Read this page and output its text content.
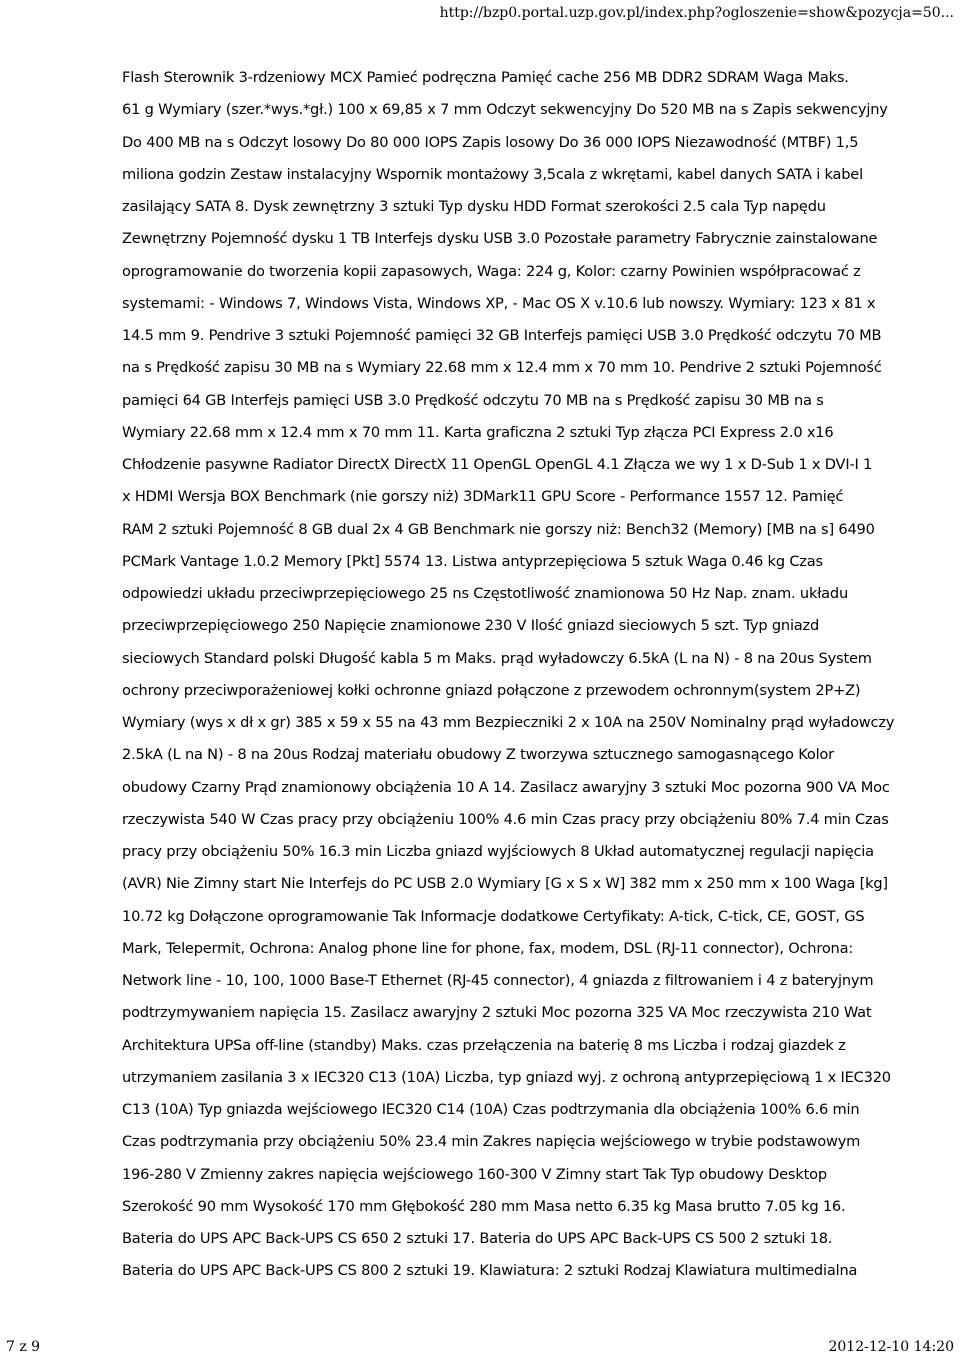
http://bzp0.portal.uzp.gov.pl/index.php?ogloszenie=show&pozycja=50...
Flash Sterownik 3-rdzeniowy MCX Pamieć podręczna Pamięć cache 256 MB DDR2 SDRAM Waga Maks.
61 g Wymiary (szer.*wys.*gł.) 100 x 69,85 x 7 mm Odczyt sekwencyjny Do 520 MB na s Zapis sekwencyjny
Do 400 MB na s Odczyt losowy Do 80 000 IOPS Zapis losowy Do 36 000 IOPS Niezawodność (MTBF) 1,5
miliona godzin Zestaw instalacyjny Wspornik montażowy 3,5cala z wkrętami, kabel danych SATA i kabel
zasilający SATA 8. Dysk zewnętrzny 3 sztuki Typ dysku HDD Format szerokości 2.5 cala Typ napędu
Zewnętrzny Pojemność dysku 1 TB Interfejs dysku USB 3.0 Pozostałe parametry Fabrycznie zainstalowane
oprogramowanie do tworzenia kopii zapasowych, Waga: 224 g, Kolor: czarny Powinien współpracować z
systemami: - Windows 7, Windows Vista, Windows XP, - Mac OS X v.10.6 lub nowszy. Wymiary: 123 x 81 x
14.5 mm 9. Pendrive 3 sztuki Pojemność pamięci 32 GB Interfejs pamięci USB 3.0 Prędkość odczytu 70 MB
na s Prędkość zapisu 30 MB na s Wymiary 22.68 mm x 12.4 mm x 70 mm 10. Pendrive 2 sztuki Pojemność
pamięci 64 GB Interfejs pamięci USB 3.0 Prędkość odczytu 70 MB na s Prędkość zapisu 30 MB na s
Wymiary 22.68 mm x 12.4 mm x 70 mm 11. Karta graficzna 2 sztuki Typ złącza PCI Express 2.0 x16
Chłodzenie pasywne Radiator DirectX DirectX 11 OpenGL OpenGL 4.1 Złącza we wy 1 x D-Sub 1 x DVI-I 1
x HDMI Wersja BOX Benchmark (nie gorszy niż) 3DMark11 GPU Score - Performance 1557 12. Pamięć
RAM 2 sztuki Pojemność 8 GB dual 2x 4 GB Benchmark nie gorszy niż: Bench32 (Memory) [MB na s] 6490
PCMark Vantage 1.0.2 Memory [Pkt] 5574 13. Listwa antyprzepięciowa 5 sztuk Waga 0.46 kg Czas
odpowiedzi układu przeciwprzepięciowego 25 ns Częstotliwość znamionowa 50 Hz Nap. znam. układu
przeciwprzepięciowego 250 Napięcie znamionowe 230 V Ilość gniazd sieciowych 5 szt. Typ gniazd
sieciowych Standard polski Długość kabla 5 m Maks. prąd wyładowczy 6.5kA (L na N) - 8 na 20us System
ochrony przeciwporażeniowej kołki ochronne gniazd połączone z przewodem ochronnym(system 2P+Z)
Wymiary (wys x dł x gr) 385 x 59 x 55 na 43 mm Bezpieczniki 2 x 10A na 250V Nominalny prąd wyładowczy
2.5kA (L na N) - 8 na 20us Rodzaj materiału obudowy Z tworzywa sztucznego samogasnącego Kolor
obudowy Czarny Prąd znamionowy obciążenia 10 A 14. Zasilacz awaryjny 3 sztuki Moc pozorna 900 VA Moc
rzeczywista 540 W Czas pracy przy obciążeniu 100% 4.6 min Czas pracy przy obciążeniu 80% 7.4 min Czas
pracy przy obciążeniu 50% 16.3 min Liczba gniazd wyjściowych 8 Układ automatycznej regulacji napięcia
(AVR) Nie Zimny start Nie Interfejs do PC USB 2.0 Wymiary [G x S x W] 382 mm x 250 mm x 100 Waga [kg]
10.72 kg Dołączone oprogramowanie Tak Informacje dodatkowe Certyfikaty: A-tick, C-tick, CE, GOST, GS
Mark, Telepermit, Ochrona: Analog phone line for phone, fax, modem, DSL (RJ-11 connector), Ochrona:
Network line - 10, 100, 1000 Base-T Ethernet (RJ-45 connector), 4 gniazda z filtrowaniem i 4 z bateryjnym
podtrzymywaniem napięcia 15. Zasilacz awaryjny 2 sztuki Moc pozorna 325 VA Moc rzeczywista 210 Wat
Architektura UPSa off-line (standby) Maks. czas przełączenia na baterię 8 ms Liczba i rodzaj giazdek z
utrzymaniem zasilania 3 x IEC320 C13 (10A) Liczba, typ gniazd wyj. z ochroną antyprzepięciową 1 x IEC320
C13 (10A) Typ gniazda wejściowego IEC320 C14 (10A) Czas podtrzymania dla obciążenia 100% 6.6 min
Czas podtrzymania przy obciążeniu 50% 23.4 min Zakres napięcia wejściowego w trybie podstawowym
196-280 V Zmienny zakres napięcia wejściowego 160-300 V Zimny start Tak Typ obudowy Desktop
Szerokość 90 mm Wysokość 170 mm Głębokość 280 mm Masa netto 6.35 kg Masa brutto 7.05 kg 16.
Bateria do UPS APC Back-UPS CS 650 2 sztuki 17. Bateria do UPS APC Back-UPS CS 500 2 sztuki 18.
Bateria do UPS APC Back-UPS CS 800 2 sztuki 19. Klawiatura: 2 sztuki Rodzaj Klawiatura multimedialna
7 z 9	2012-12-10 14:20
